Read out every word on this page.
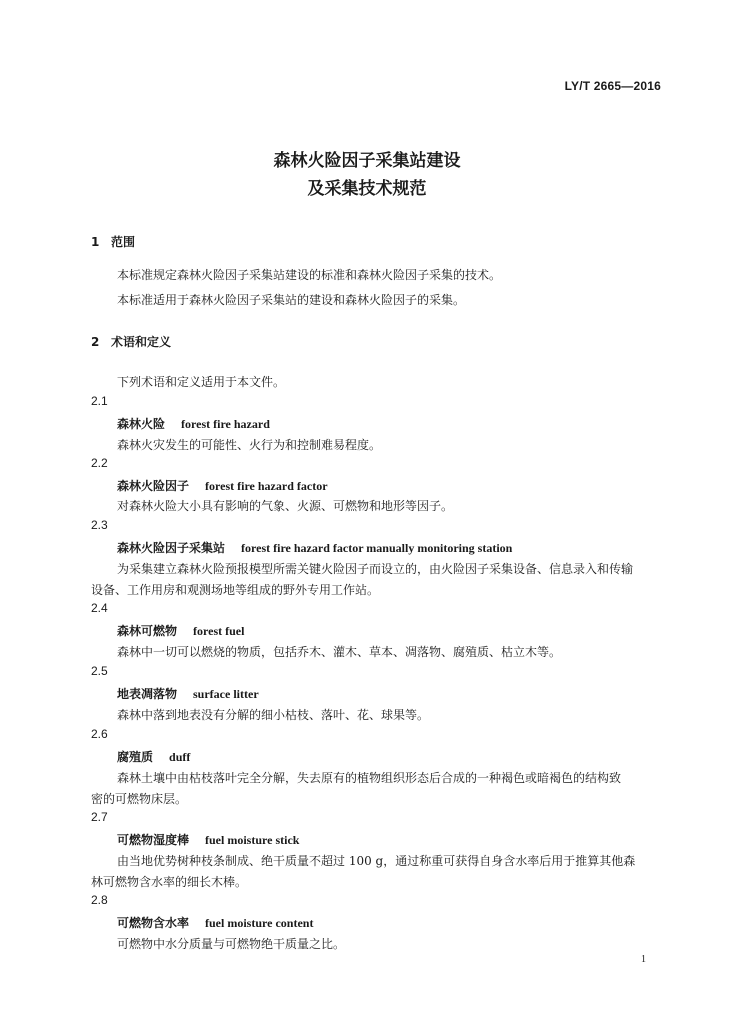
LY/T 2665—2016
森林火险因子采集站建设
及采集技术规范
1 范围
本标准规定森林火险因子采集站建设的标准和森林火险因子采集的技术。
本标准适用于森林火险因子采集站的建设和森林火险因子的采集。
2 术语和定义
下列术语和定义适用于本文件。
2.1
森林火险 forest fire hazard
森林火灾发生的可能性、火行为和控制难易程度。
2.2
森林火险因子 forest fire hazard factor
对森林火险大小具有影响的气象、火源、可燃物和地形等因子。
2.3
森林火险因子采集站 forest fire hazard factor manually monitoring station
为采集建立森林火险预报模型所需关键火险因子而设立的，由火险因子采集设备、信息录入和传输
设备、工作用房和观测场地等组成的野外专用工作站。
2.4
森林可燃物 forest fuel
森林中一切可以燃烧的物质，包括乔木、灌木、草本、凋落物、腐殖质、枯立木等。
2.5
地表凋落物 surface litter
森林中落到地表没有分解的细小枯枝、落叶、花、球果等。
2.6
腐殖质 duff
森林土壤中由枯枝落叶完全分解，失去原有的植物组织形态后合成的一种褐色或暗褐色的结构致
密的可燃物床层。
2.7
可燃物湿度棒 fuel moisture stick
由当地优势树种枝条制成、绝干质量不超过 100 g，通过称重可获得自身含水率后用于推算其他森
林可燃物含水率的细长木棒。
2.8
可燃物含水率 fuel moisture content
可燃物中水分质量与可燃物绝干质量之比。
1
